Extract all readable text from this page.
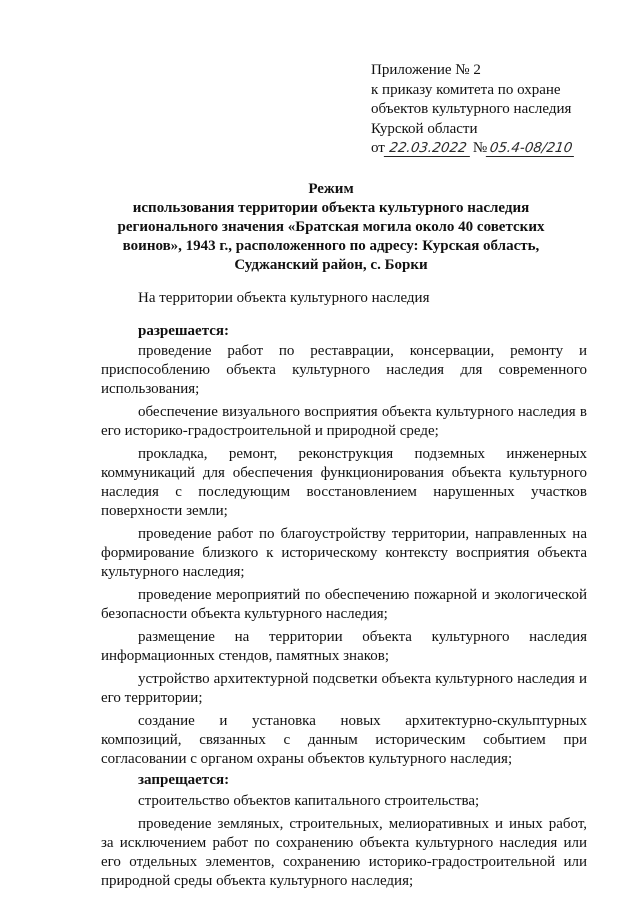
Приложение № 2
к приказу комитета по охране
объектов культурного наследия
Курской области
от 22.03.2022 № 05.4-08/210
Режим
использования территории объекта культурного наследия
регионального значения «Братская могила около 40 советских
воинов», 1943 г., расположенного по адресу: Курская область,
Суджанский район, с. Борки
На территории объекта культурного наследия

разрешается:

проведение работ по реставрации, консервации, ремонту и приспособлению объекта культурного наследия для современного использования;

обеспечение визуального восприятия объекта культурного наследия в его историко-градостроительной и природной среде;

прокладка, ремонт, реконструкция подземных инженерных коммуникаций для обеспечения функционирования объекта культурного наследия с последующим восстановлением нарушенных участков поверхности земли;

проведение работ по благоустройству территории, направленных на формирование близкого к историческому контексту восприятия объекта культурного наследия;

проведение мероприятий по обеспечению пожарной и экологической безопасности объекта культурного наследия;

размещение на территории объекта культурного наследия информационных стендов, памятных знаков;

устройство архитектурной подсветки объекта культурного наследия и его территории;

создание и установка новых архитектурно-скульптурных композиций, связанных с данным историческим событием при согласовании с органом охраны объектов культурного наследия;

запрещается:

строительство объектов капитального строительства;

проведение земляных, строительных, мелиоративных и иных работ, за исключением работ по сохранению объекта культурного наследия или его отдельных элементов, сохранению историко-градостроительной или природной среды объекта культурного наследия;
